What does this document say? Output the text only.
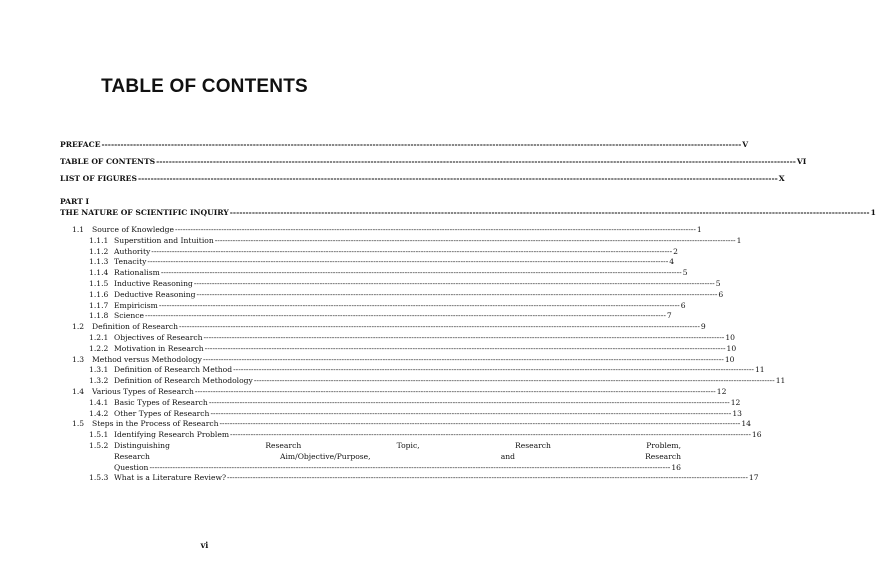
TABLE OF CONTENTS
PREFACE -----	V
TABLE OF CONTENTS -----	VI
LIST OF FIGURES -----	X
PART I
THE NATURE OF SCIENTIFIC INQUIRY -----	1
1.1	Source of Knowledge -----	1
1.1.1 Superstition and Intuition -----	1
1.1.2 Authority -----	2
1.1.3 Tenacity -----	4
1.1.4 Rationalism -----	5
1.1.5 Inductive Reasoning -----	5
1.1.6 Deductive Reasoning -----	6
1.1.7 Empiricism -----	6
1.1.8 Science -----	7
1.2	Definition of Research -----	9
1.2.1 Objectives of Research -----	10
1.2.2 Motivation in Research -----	10
1.3	Method versus Methodology -----	10
1.3.1 Definition of Research Method -----	11
1.3.2 Definition of Research Methodology -----	11
1.4	Various Types of Research -----	12
1.4.1 Basic Types of Research -----	12
1.4.2 Other Types of Research -----	13
1.5	Steps in the Process of Research -----	14
1.5.1 Identifying Research Problem -----	16
1.5.2 Distinguishing Research Topic, Research Problem,
Research Aim/Objective/Purpose, and Research
Question -----	16
1.5.3 What is a Literature Review? -----	17
vi
